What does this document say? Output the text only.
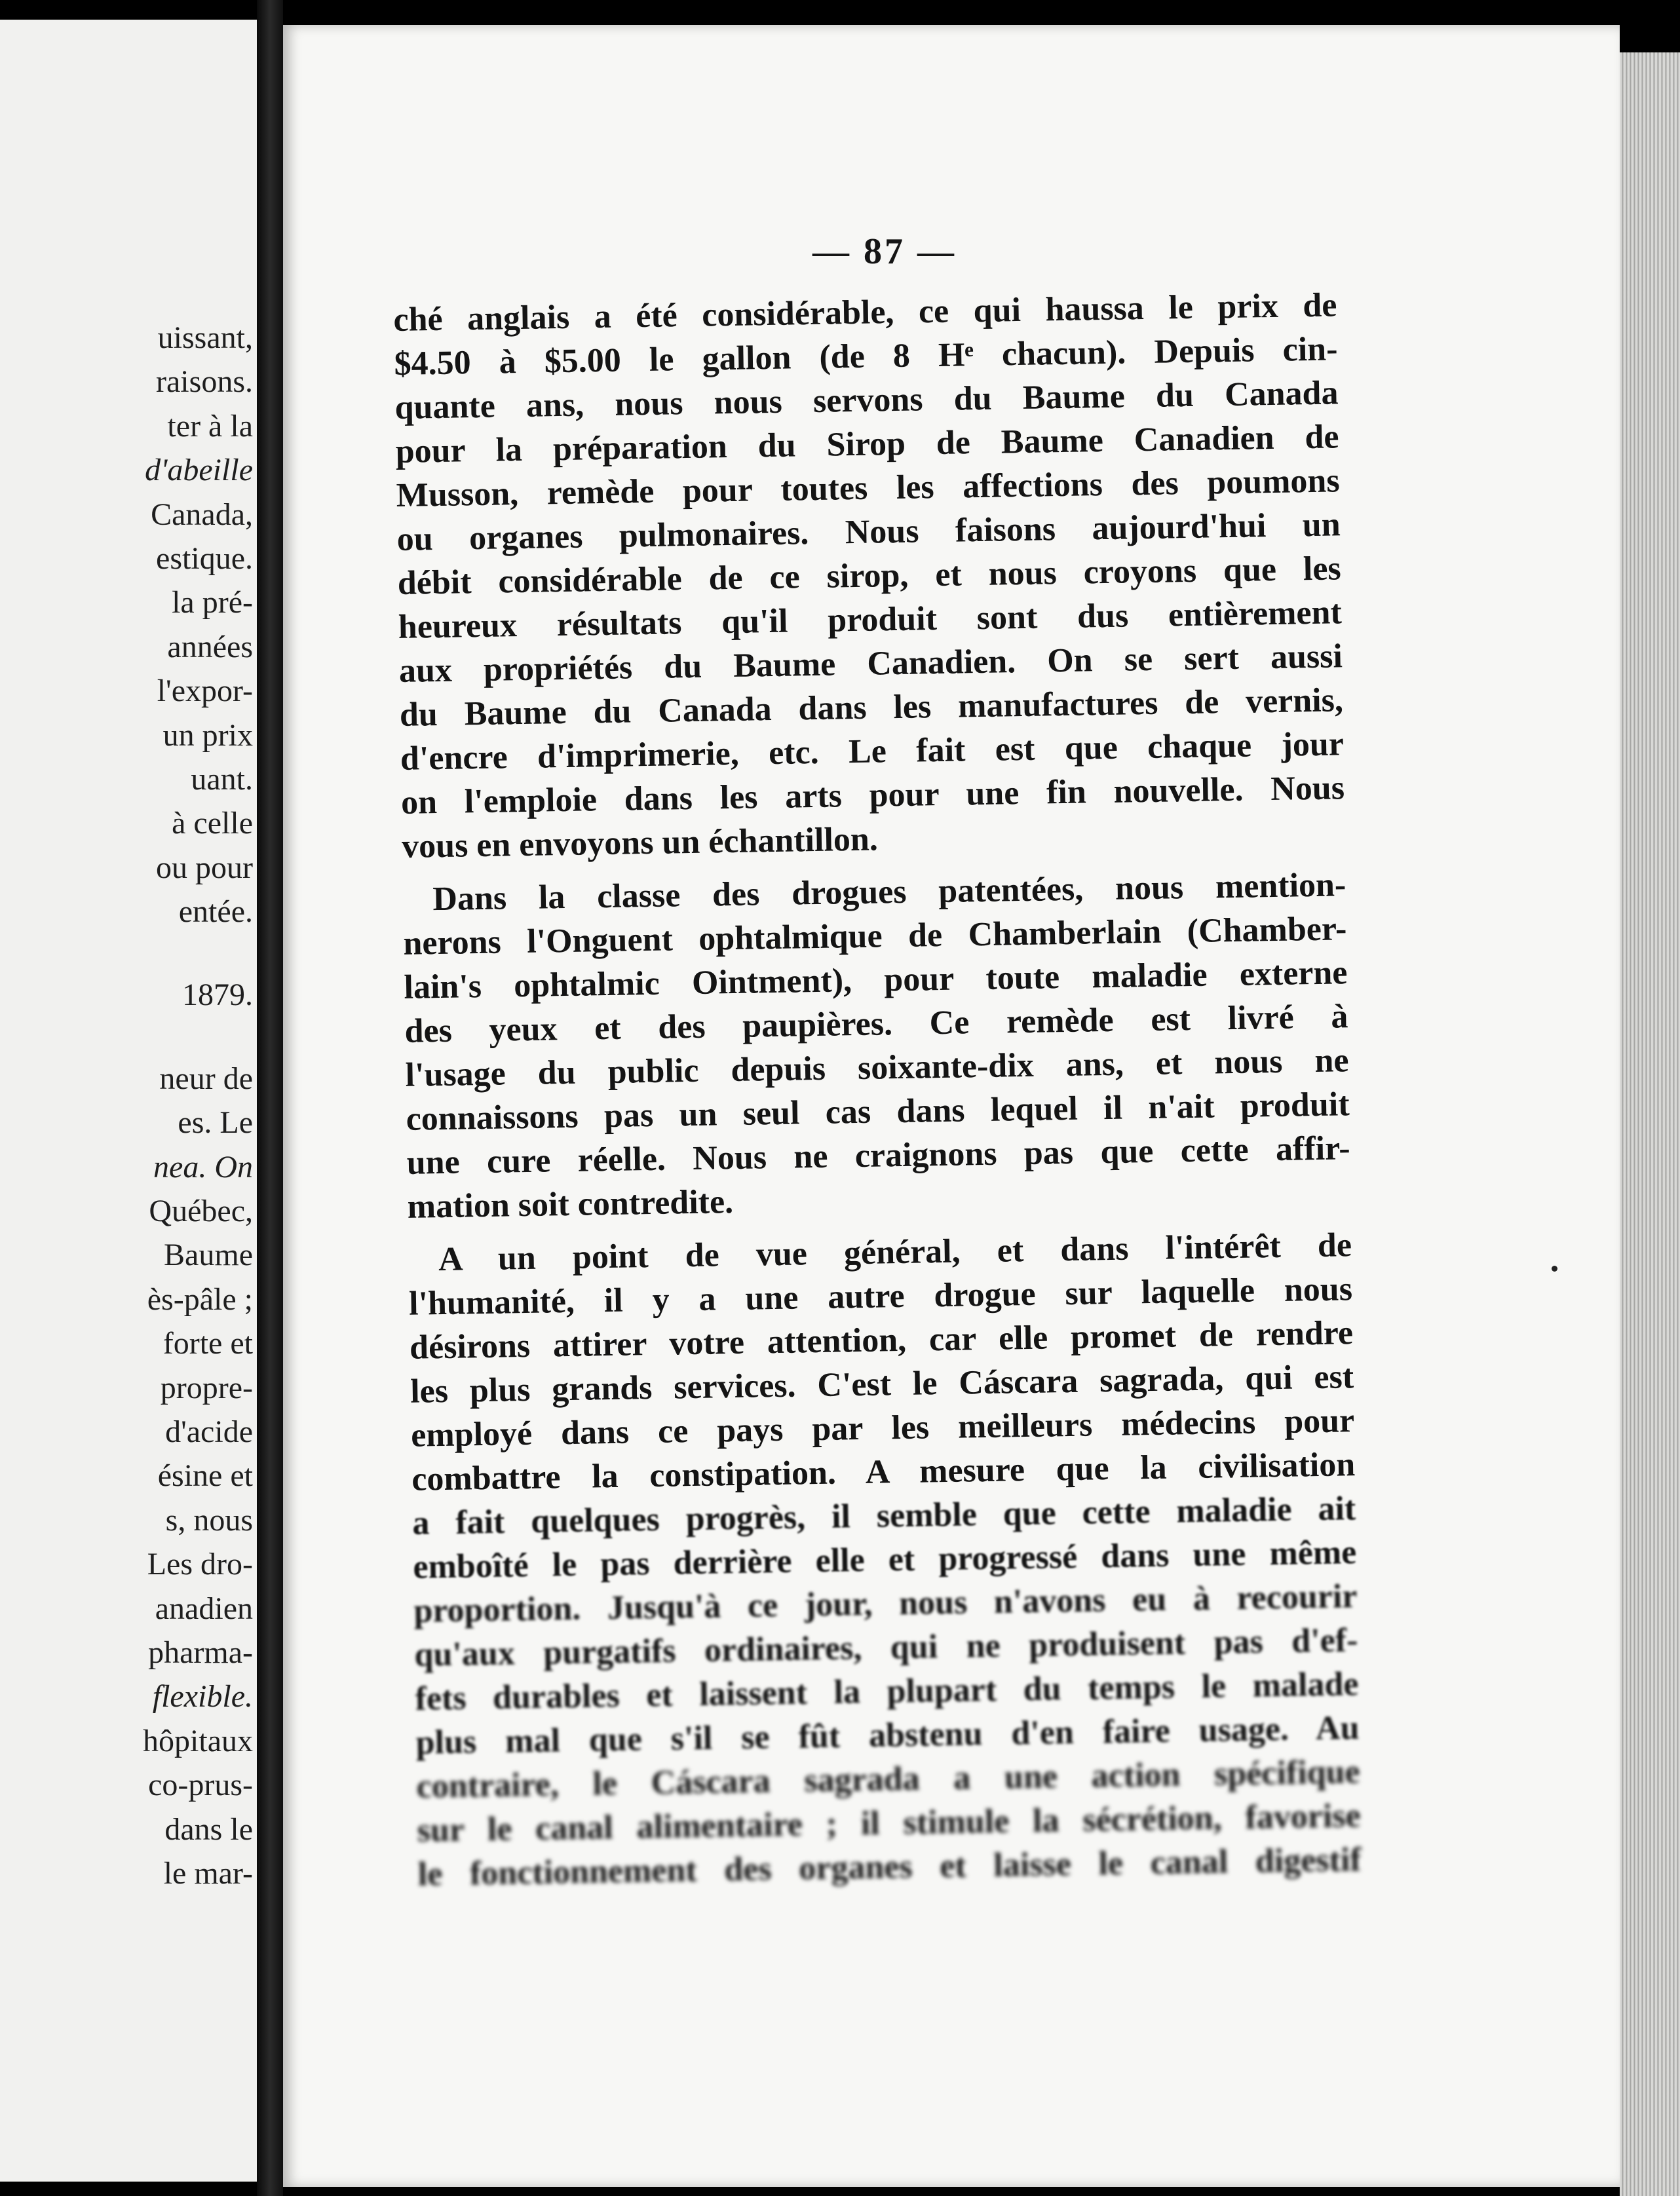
uissant,
raisons.
ter à la
d'abeille
Canada,
estique.
la pré-
années
l'expor-
un prix
uant.
à celle
ou pour
entée.
1879.
neur de
es. Le
nea. On
Québec,
Baume
ès-pâle ;
forte et
propre-
d'acide
ésine et
s, nous
Les dro-
anadien
pharma-
flexible.
hôpitaux
co-prus-
dans le
le mar-
— 87 —

ché anglais a été considérable, ce qui haussa le prix de

$4.50 à $5.00 le gallon (de 8 Hᵉ chacun). Depuis cin-

quante ans, nous nous servons du Baume du Canada

pour la préparation du Sirop de Baume Canadien de

Musson, remède pour toutes les affections des poumons

ou organes pulmonaires. Nous faisons aujourd'hui un

débit considérable de ce sirop, et nous croyons que les

heureux résultats qu'il produit sont dus entièrement

aux propriétés du Baume Canadien. On se sert aussi

du Baume du Canada dans les manufactures de vernis,

d'encre d'imprimerie, etc. Le fait est que chaque jour

on l'emploie dans les arts pour une fin nouvelle. Nous

vous en envoyons un échantillon.

Dans la classe des drogues patentées, nous mention-

nerons l'Onguent ophtalmique de Chamberlain (Chamber-

lain's ophtalmic Ointment), pour toute maladie externe

des yeux et des paupières. Ce remède est livré à

l'usage du public depuis soixante-dix ans, et nous ne

connaissons pas un seul cas dans lequel il n'ait produit

une cure réelle. Nous ne craignons pas que cette affir-

mation soit contredite.

A un point de vue général, et dans l'intérêt de

l'humanité, il y a une autre drogue sur laquelle nous

désirons attirer votre attention, car elle promet de rendre

les plus grands services. C'est le Cáscara sagrada, qui est

employé dans ce pays par les meilleurs médecins pour

combattre la constipation. A mesure que la civilisation

a fait quelques progrès, il semble que cette maladie ait

emboîté le pas derrière elle et progressé dans une même

proportion. Jusqu'à ce jour, nous n'avons eu à recourir

qu'aux purgatifs ordinaires, qui ne produisent pas d'ef-

fets durables et laissent la plupart du temps le malade

plus mal que s'il se fût abstenu d'en faire usage. Au

contraire, le Cáscara sagrada a une action spécifique

sur le canal alimentaire ; il stimule la sécrétion, favorise

le fonctionnement des organes et laisse le canal digestif
